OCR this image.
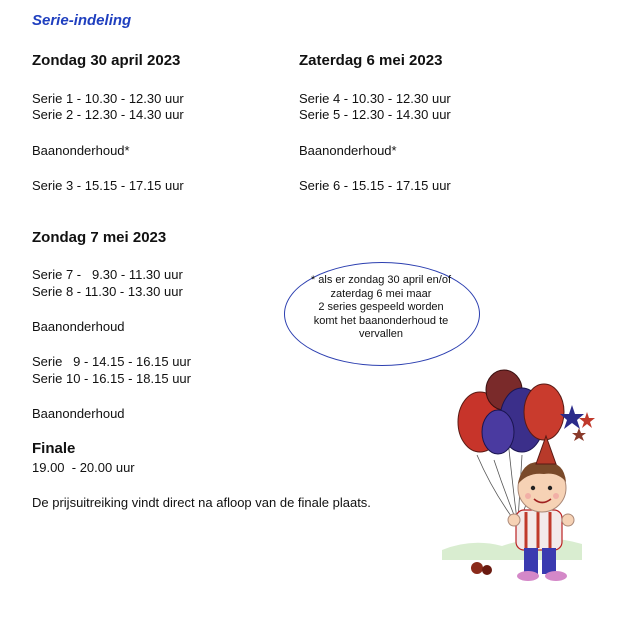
Serie-indeling
Zondag 30 april 2023
Serie 1 - 10.30 - 12.30 uur
Serie 2 - 12.30 - 14.30 uur
Baanonderhoud*
Serie 3 - 15.15 - 17.15 uur
Zaterdag 6 mei 2023
Serie 4 - 10.30 - 12.30 uur
Serie 5 - 12.30 - 14.30 uur
Baanonderhoud*
Serie 6 - 15.15 - 17.15 uur
Zondag 7 mei 2023
Serie 7 -   9.30 - 11.30 uur
Serie 8 - 11.30 - 13.30 uur
Baanonderhoud
Serie   9 - 14.15 - 16.15 uur
Serie 10 - 16.15 - 18.15 uur
Baanonderhoud
Finale
19.00  - 20.00 uur
De prijsuitreiking vindt direct na afloop van de finale plaats.
* als er zondag 30 april en/of
zaterdag 6 mei maar
2 series gespeeld worden
komt het baanonderhoud te
vervallen
